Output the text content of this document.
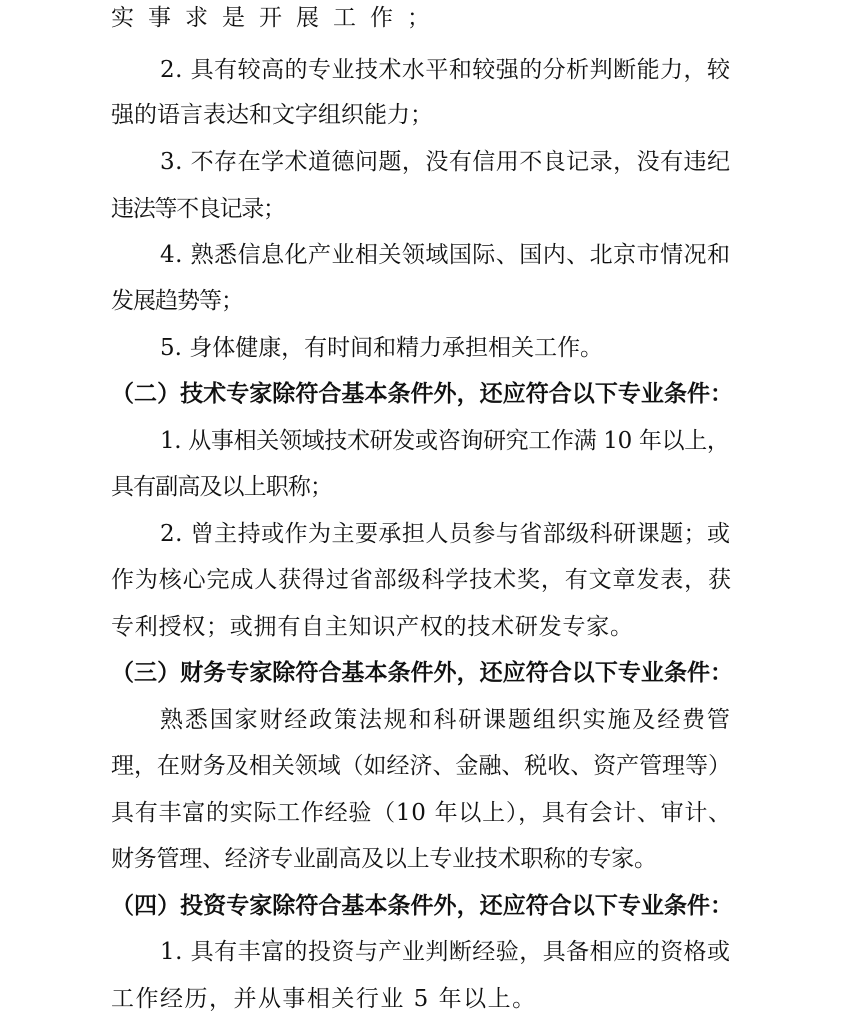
实事求是开展工作；
2. 具有较高的专业技术水平和较强的分析判断能力，较
强的语言表达和文字组织能力；
3. 不存在学术道德问题，没有信用不良记录，没有违纪
违法等不良记录；
4. 熟悉信息化产业相关领域国际、国内、北京市情况和
发展趋势等；
5. 身体健康，有时间和精力承担相关工作。
（二）技术专家除符合基本条件外，还应符合以下专业条件：
1. 从事相关领域技术研发或咨询研究工作满 10 年以上，
具有副高及以上职称；
2. 曾主持或作为主要承担人员参与省部级科研课题；或
作为核心完成人获得过省部级科学技术奖，有文章发表，获
专利授权；或拥有自主知识产权的技术研发专家。
（三）财务专家除符合基本条件外，还应符合以下专业条件：
熟悉国家财经政策法规和科研课题组织实施及经费管
理，在财务及相关领域（如经济、金融、税收、资产管理等）
具有丰富的实际工作经验（10 年以上），具有会计、审计、
财务管理、经济专业副高及以上专业技术职称的专家。
（四）投资专家除符合基本条件外，还应符合以下专业条件：
1. 具有丰富的投资与产业判断经验，具备相应的资格或
工作经历，并从事相关行业 5 年以上。
